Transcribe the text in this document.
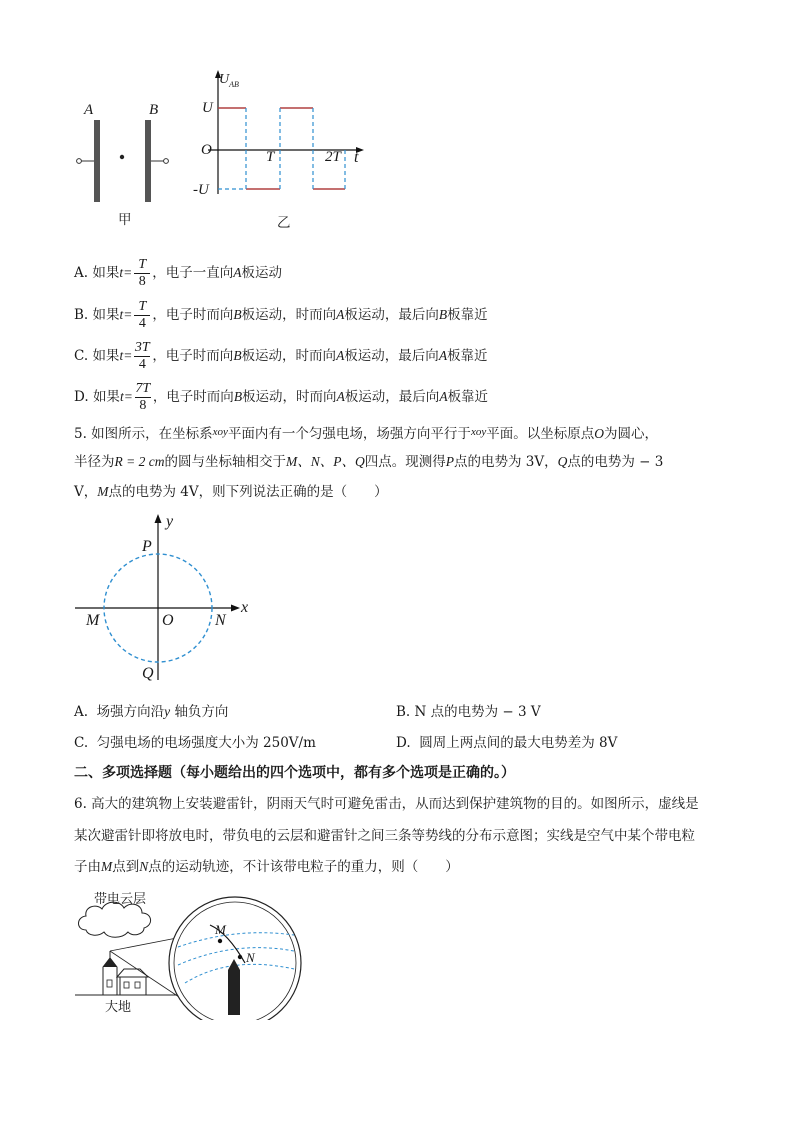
A	B
甲
$U_{AB}$
U
O	T	2T t
-U
乙
A. 如果$t= \frac{T}{8}$ ，电子一直向A板运动
B. 如果$t= \frac{T}{4}$ ，电子时而向B板运动，时而向A板运动，最后向B板靠近
C. 如果$t= \frac{3T}{4}$ ，电子时而向B板运动，时而向A板运动，最后向A板靠近
D. 如果$t= \frac{7T}{8}$ ，电子时而向B板运动，时而向A板运动，最后向A板靠近
5. 如图所示，在坐标系$^{xoy}$平面内有一个匀强电场，场强方向平行于$^{xoy}$平面。以坐标原点O为圆心，
半径为R = 2 cm的圆与坐标轴相交于M、N、P、Q四点。现测得P点的电势为 3V，Q点的电势为 − 3
V，M点的电势为 4V，则下列说法正确的是（　　）
y
P
x
M	O	N
Q
A. 场强方向沿y 轴负方向	B. N 点的电势为 − 3 V
C. 匀强电场的电场强度大小为 250V/m	D. 圆周上两点间的最大电势差为 8V
二、多项选择题（每小题给出的四个选项中，都有多个选项是正确的。）
6. 高大的建筑物上安装避雷针，阴雨天气时可避免雷击，从而达到保护建筑物的目的。如图所示，虚线是
某次避雷针即将放电时，带负电的云层和避雷针之间三条等势线的分布示意图；实线是空气中某个带电粒
子由M点到N点的运动轨迹，不计该带电粒子的重力，则（　　）
带电云层
大地
M
N
